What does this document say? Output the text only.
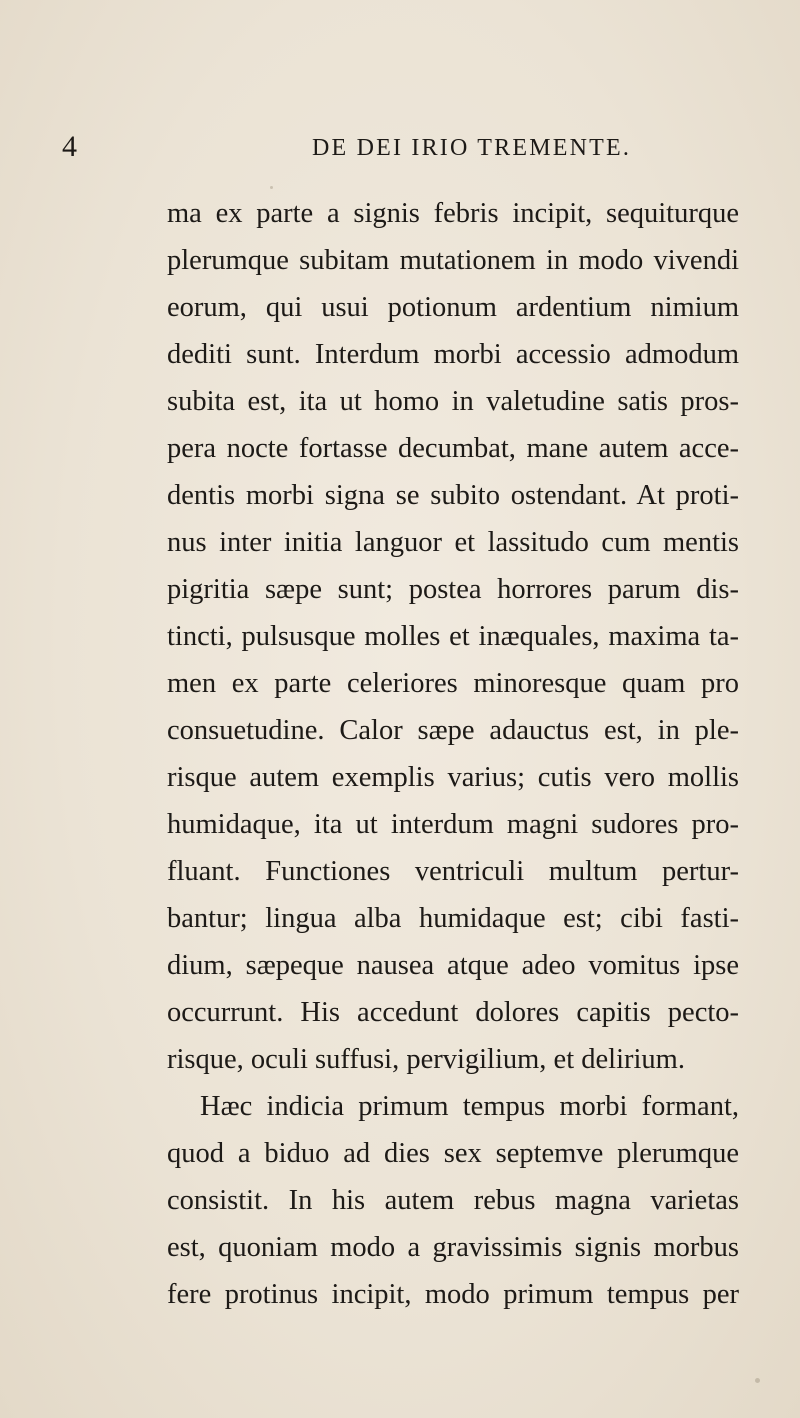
4	DE DEI IRIO TREMENTE.
ma ex parte a signis febris incipit, sequiturque
plerumque subitam mutationem in modo vivendi
eorum, qui usui potionum ardentium nimium
dediti sunt. Interdum morbi accessio admodum
subita est, ita ut homo in valetudine satis pros-
pera nocte fortasse decumbat, mane autem acce-
dentis morbi signa se subito ostendant. At proti-
nus inter initia languor et lassitudo cum mentis
pigritia sæpe sunt; postea horrores parum dis-
tincti, pulsusque molles et inæquales, maxima ta-
men ex parte celeriores minoresque quam pro
consuetudine. Calor sæpe adauctus est, in ple-
risque autem exemplis varius; cutis vero mollis
humidaque, ita ut interdum magni sudores pro-
fluant. Functiones ventriculi multum pertur-
bantur; lingua alba humidaque est; cibi fasti-
dium, sæpeque nausea atque adeo vomitus ipse
occurrunt. His accedunt dolores capitis pecto-
risque, oculi suffusi, pervigilium, et delirium.
Hæc indicia primum tempus morbi formant,
quod a biduo ad dies sex septemve plerumque
consistit. In his autem rebus magna varietas
est, quoniam modo a gravissimis signis morbus
fere protinus incipit, modo primum tempus per
